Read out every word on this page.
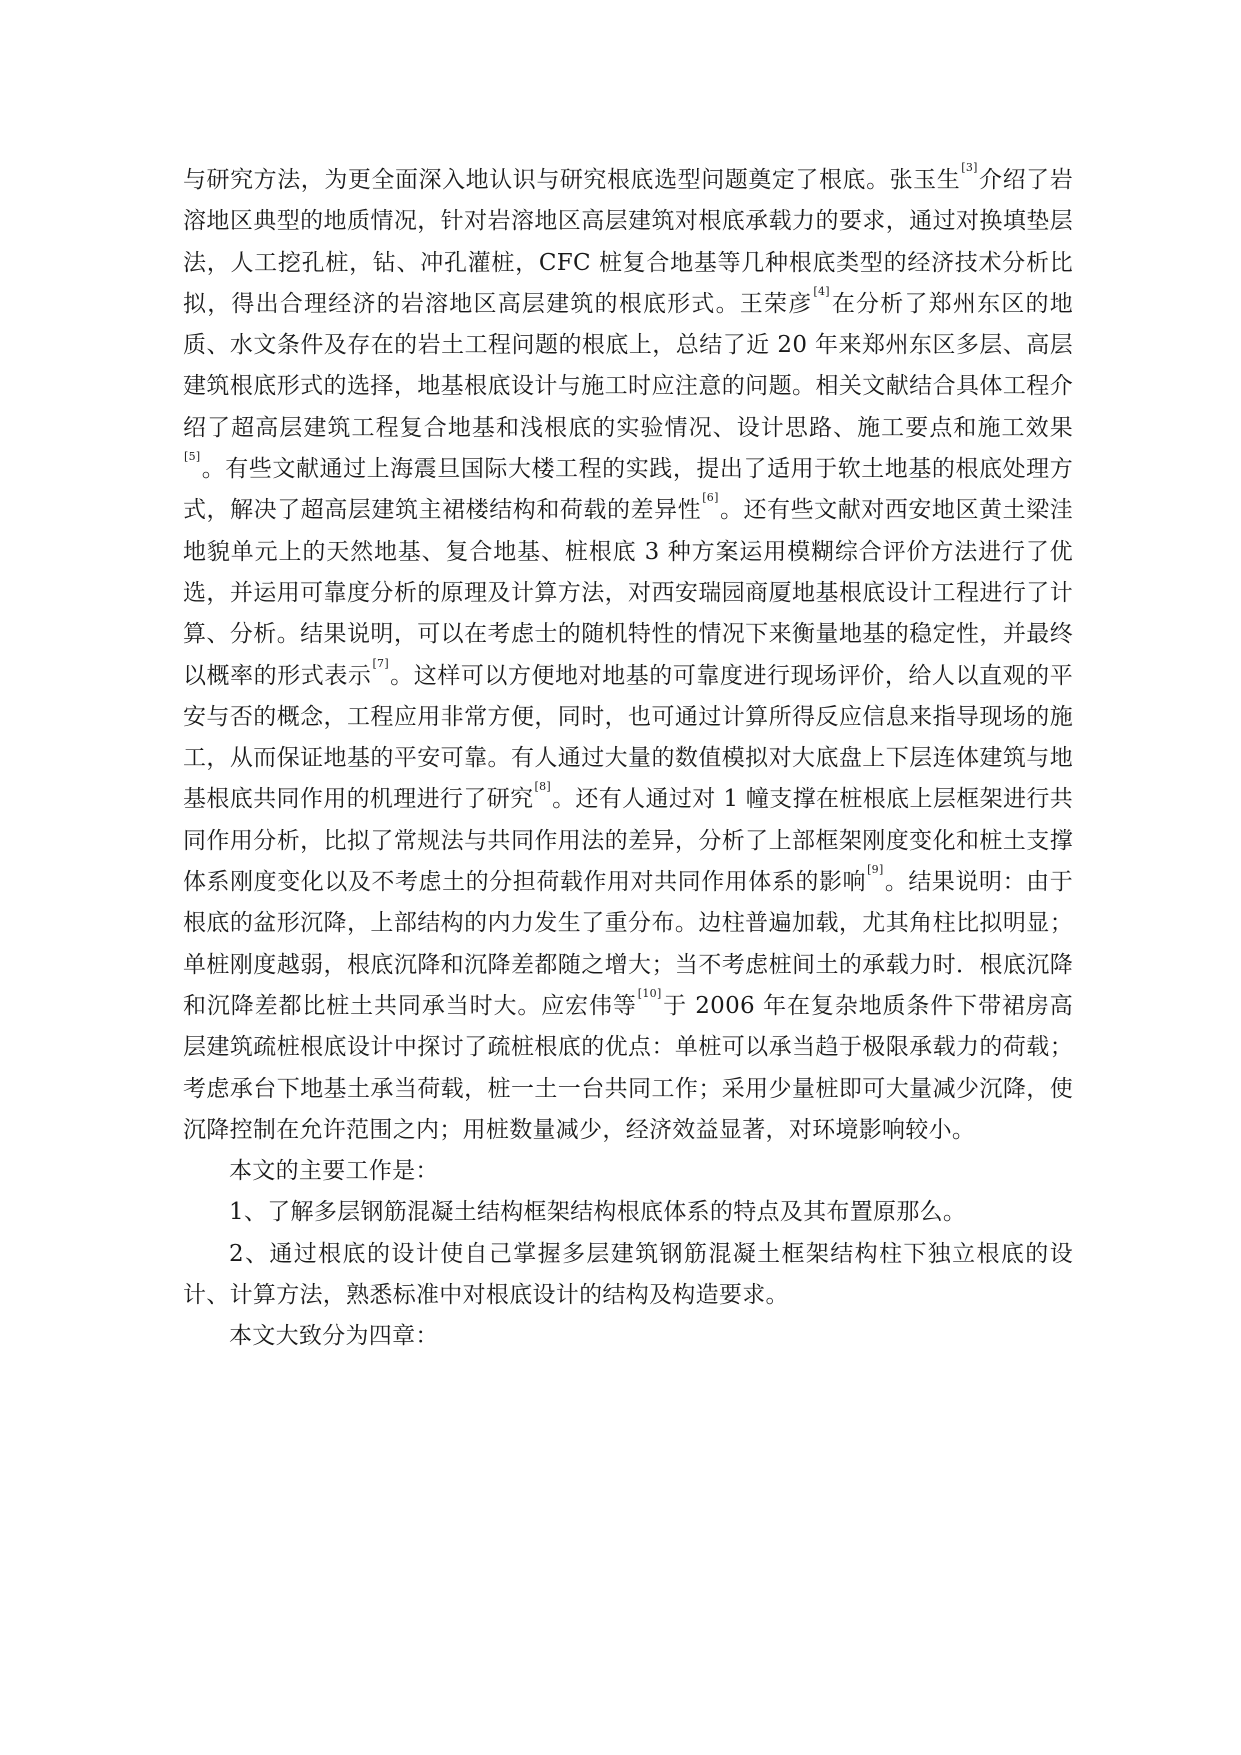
与研究方法，为更全面深入地认识与研究根底选型问题奠定了根底。张玉生[3]介绍了岩溶地区典型的地质情况，针对岩溶地区高层建筑对根底承载力的要求，通过对换填垫层法，人工挖孔桩，钻、冲孔灌桩，CFC 桩复合地基等几种根底类型的经济技术分析比拟，得出合理经济的岩溶地区高层建筑的根底形式。王荣彦[4]在分析了郑州东区的地质、水文条件及存在的岩土工程问题的根底上，总结了近 20 年来郑州东区多层、高层建筑根底形式的选择，地基根底设计与施工时应注意的问题。相关文献结合具体工程介绍了超高层建筑工程复合地基和浅根底的实验情况、设计思路、施工要点和施工效果[5]。有些文献通过上海震旦国际大楼工程的实践，提出了适用于软土地基的根底处理方式，解决了超高层建筑主裙楼结构和荷载的差异性[6]。还有些文献对西安地区黄土梁洼地貌单元上的天然地基、复合地基、桩根底 3 种方案运用模糊综合评价方法进行了优选，并运用可靠度分析的原理及计算方法，对西安瑞园商厦地基根底设计工程进行了计算、分析。结果说明，可以在考虑士的随机特性的情况下来衡量地基的稳定性，并最终以概率的形式表示[7]。这样可以方便地对地基的可靠度进行现场评价，给人以直观的平安与否的概念，工程应用非常方便，同时，也可通过计算所得反应信息来指导现场的施工，从而保证地基的平安可靠。有人通过大量的数值模拟对大底盘上下层连体建筑与地基根底共同作用的机理进行了研究[8]。还有人通过对 1 幢支撑在桩根底上层框架进行共同作用分析，比拟了常规法与共同作用法的差异，分析了上部框架刚度变化和桩土支撑体系刚度变化以及不考虑土的分担荷载作用对共同作用体系的影响[9]。结果说明：由于根底的盆形沉降，上部结构的内力发生了重分布。边柱普遍加载，尤其角柱比拟明显；单桩刚度越弱，根底沉降和沉降差都随之增大；当不考虑桩间土的承载力时．根底沉降和沉降差都比桩土共同承当时大。应宏伟等[10]于 2006 年在复杂地质条件下带裙房高层建筑疏桩根底设计中探讨了疏桩根底的优点：单桩可以承当趋于极限承载力的荷载；考虑承台下地基土承当荷载，桩一土一台共同工作；采用少量桩即可大量减少沉降，使沉降控制在允许范围之内；用桩数量减少，经济效益显著，对环境影响较小。

本文的主要工作是：

1、了解多层钢筋混凝土结构框架结构根底体系的特点及其布置原那么。

2、通过根底的设计使自己掌握多层建筑钢筋混凝土框架结构柱下独立根底的设计、计算方法，熟悉标准中对根底设计的结构及构造要求。

本文大致分为四章：
